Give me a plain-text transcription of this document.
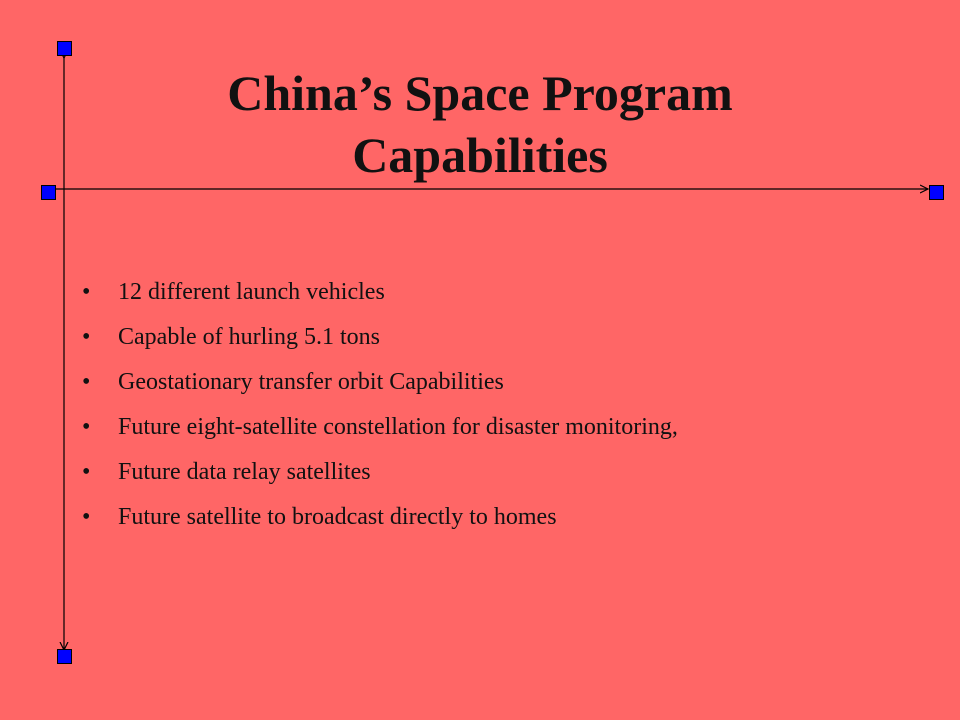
China’s Space Program
Capabilities
• 12 different launch vehicles
• Capable of hurling 5.1 tons
• Geostationary transfer orbit Capabilities
• Future eight-satellite constellation for disaster monitoring,
• Future data relay satellites
• Future satellite to broadcast directly to homes
